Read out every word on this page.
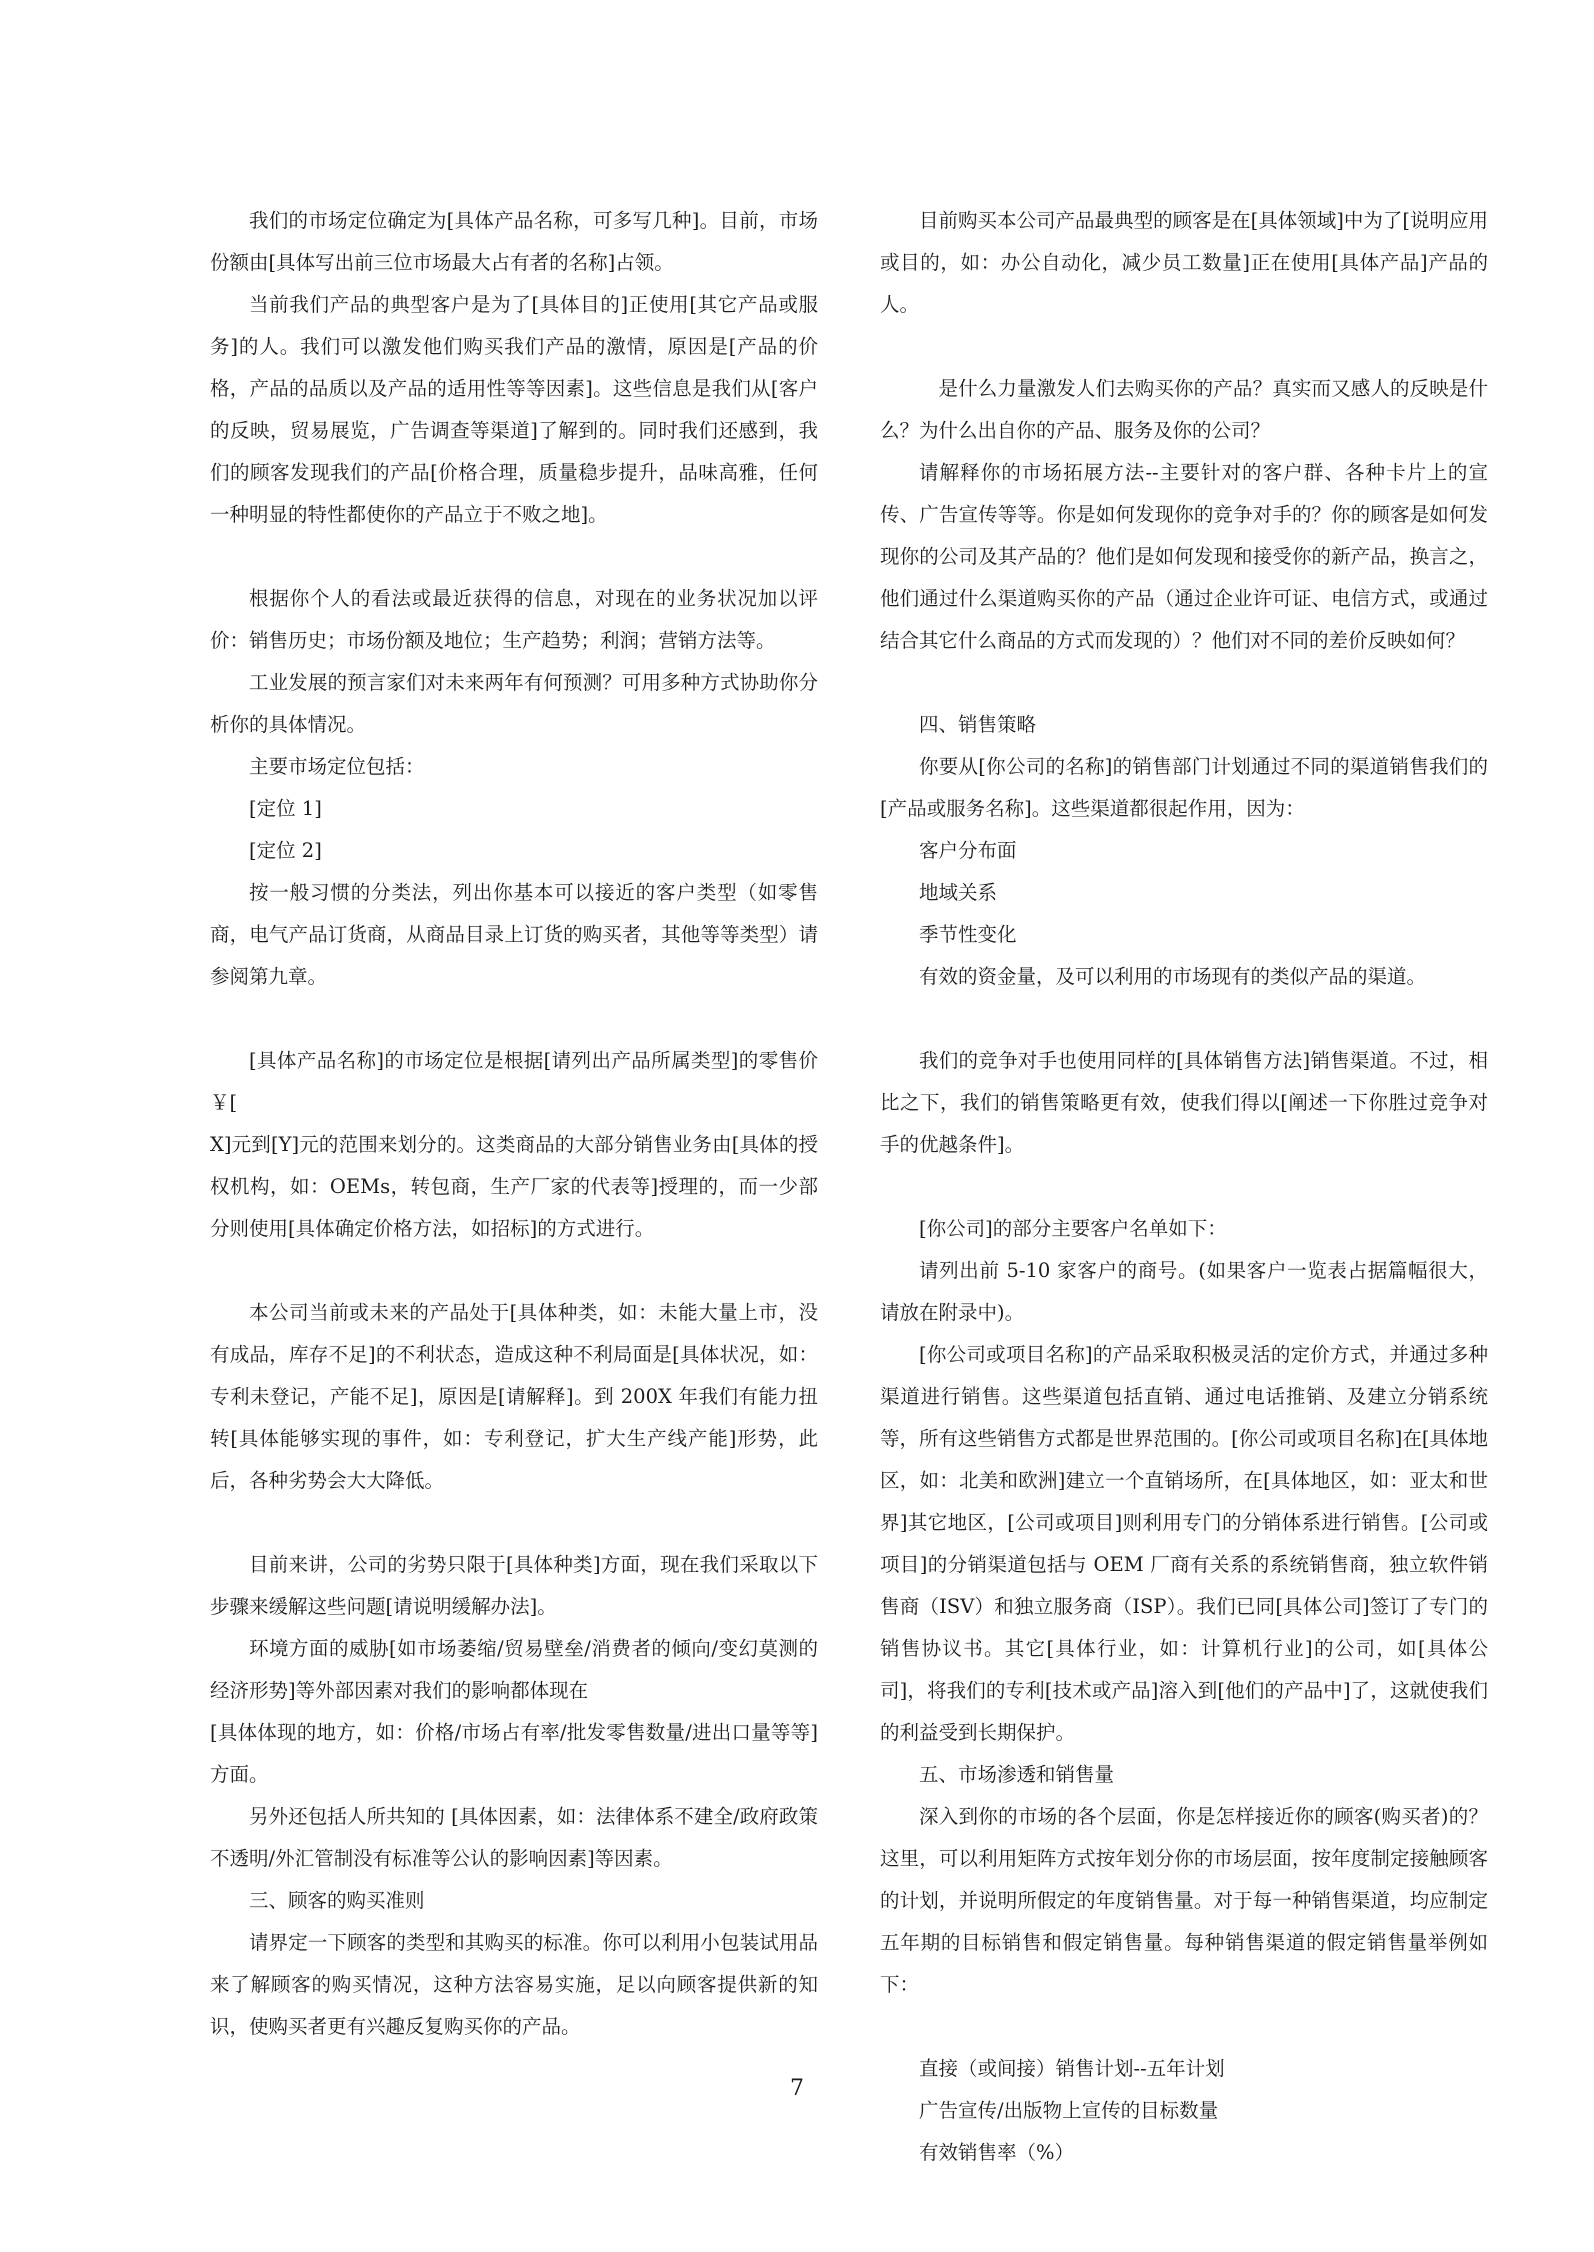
我们的市场定位确定为[具体产品名称，可多写几种]。目前，市场份额由[具体写出前三位市场最大占有者的名称]占领。

当前我们产品的典型客户是为了[具体目的]正使用[其它产品或服务]的人。我们可以激发他们购买我们产品的激情，原因是[产品的价格，产品的品质以及产品的适用性等等因素]。这些信息是我们从[客户的反映，贸易展览，广告调查等渠道]了解到的。同时我们还感到，我们的顾客发现我们的产品[价格合理，质量稳步提升，品味高雅，任何一种明显的特性都使你的产品立于不败之地]。

根据你个人的看法或最近获得的信息，对现在的业务状况加以评价：销售历史；市场份额及地位；生产趋势；利润；营销方法等。

工业发展的预言家们对未来两年有何预测？可用多种方式协助你分析你的具体情况。

主要市场定位包括：

[定位 1]

[定位 2]

按一般习惯的分类法，列出你基本可以接近的客户类型（如零售商，电气产品订货商，从商品目录上订货的购买者，其他等等类型）请参阅第九章。

[具体产品名称]的市场定位是根据[请列出产品所属类型]的零售价￥[

X]元到[Y]元的范围来划分的。这类商品的大部分销售业务由[具体的授权机构，如：OEMs，转包商，生产厂家的代表等]授理的，而一少部分则使用[具体确定价格方法，如招标]的方式进行。

本公司当前或未来的产品处于[具体种类，如：未能大量上市，没有成品，库存不足]的不利状态，造成这种不利局面是[具体状况，如：专利未登记，产能不足]，原因是[请解释]。到 200X 年我们有能力扭转[具体能够实现的事件，如：专利登记，扩大生产线产能]形势，此后，各种劣势会大大降低。

目前来讲，公司的劣势只限于[具体种类]方面，现在我们采取以下步骤来缓解这些问题[请说明缓解办法]。

环境方面的威胁[如市场萎缩/贸易壁垒/消费者的倾向/变幻莫测的经济形势]等外部因素对我们的影响都体现在

[具体体现的地方，如：价格/市场占有率/批发零售数量/进出口量等等]方面。

另外还包括人所共知的 [具体因素，如：法律体系不建全/政府政策不透明/外汇管制没有标准等公认的影响因素]等因素。

三、顾客的购买准则

请界定一下顾客的类型和其购买的标准。你可以利用小包装试用品来了解顾客的购买情况，这种方法容易实施，足以向顾客提供新的知识，使购买者更有兴趣反复购买你的产品。

目前购买本公司产品最典型的顾客是在[具体领域]中为了[说明应用或目的，如：办公自动化，减少员工数量]正在使用[具体产品]产品的人。

是什么力量激发人们去购买你的产品？真实而又感人的反映是什么？为什么出自你的产品、服务及你的公司？

请解释你的市场拓展方法--主要针对的客户群、各种卡片上的宣传、广告宣传等等。你是如何发现你的竞争对手的？你的顾客是如何发现你的公司及其产品的？他们是如何发现和接受你的新产品，换言之，他们通过什么渠道购买你的产品（通过企业许可证、电信方式，或通过结合其它什么商品的方式而发现的）？他们对不同的差价反映如何？

四、销售策略

你要从[你公司的名称]的销售部门计划通过不同的渠道销售我们的[产品或服务名称]。这些渠道都很起作用，因为：

客户分布面

地域关系

季节性变化

有效的资金量，及可以利用的市场现有的类似产品的渠道。

我们的竞争对手也使用同样的[具体销售方法]销售渠道。不过，相比之下，我们的销售策略更有效，使我们得以[阐述一下你胜过竞争对手的优越条件]。

[你公司]的部分主要客户名单如下：

请列出前 5-10 家客户的商号。(如果客户一览表占据篇幅很大，请放在附录中)。

[你公司或项目名称]的产品采取积极灵活的定价方式，并通过多种渠道进行销售。这些渠道包括直销、通过电话推销、及建立分销系统等，所有这些销售方式都是世界范围的。[你公司或项目名称]在[具体地区，如：北美和欧洲]建立一个直销场所，在[具体地区，如：亚太和世界]其它地区，[公司或项目]则利用专门的分销体系进行销售。[公司或项目]的分销渠道包括与 OEM 厂商有关系的系统销售商，独立软件销售商（ISV）和独立服务商（ISP）。我们已同[具体公司]签订了专门的销售协议书。其它[具体行业，如：计算机行业]的公司，如[具体公司]，将我们的专利[技术或产品]溶入到[他们的产品中]了，这就使我们的利益受到长期保护。

五、市场渗透和销售量

深入到你的市场的各个层面，你是怎样接近你的顾客(购买者)的？这里，可以利用矩阵方式按年划分你的市场层面，按年度制定接触顾客的计划，并说明所假定的年度销售量。对于每一种销售渠道，均应制定五年期的目标销售和假定销售量。每种销售渠道的假定销售量举例如下：

直接（或间接）销售计划--五年计划

广告宣传/出版物上宣传的目标数量

有效销售率（%）

7
